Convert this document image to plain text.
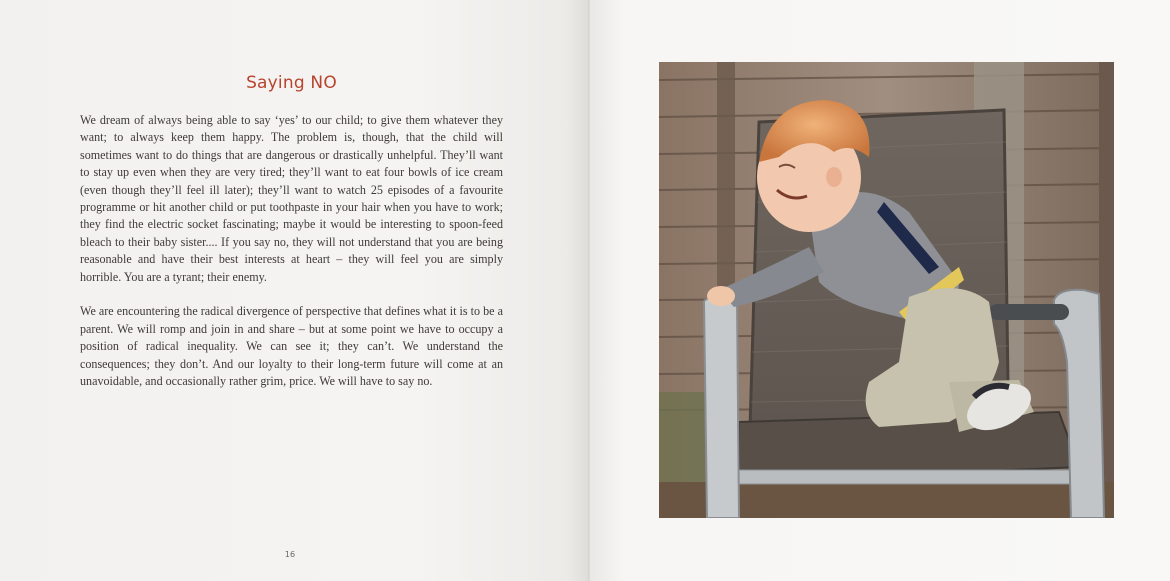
Saying NO

We dream of always being able to say ‘yes’ to our child; to give them whatever they want; to always keep them happy. The problem is, though, that the child will sometimes want to do things that are dangerous or drastically unhelpful. They’ll want to stay up even when they are very tired; they’ll want to eat four bowls of ice cream (even though they’ll feel ill later); they’ll want to watch 25 episodes of a favourite programme or hit another child or put toothpaste in your hair when you have to work; they find the electric socket fascinating; maybe it would be interesting to spoon-feed bleach to their baby sister.... If you say no, they will not understand that you are being reasonable and have their best interests at heart – they will feel you are simply horrible. You are a tyrant; their enemy.

We are encountering the radical divergence of perspective that defines what it is to be a parent. We will romp and join in and share – but at some point we have to occupy a position of radical inequality. We can see it; they can’t. We understand the consequences; they don’t. And our loyalty to their long-term future will come at an unavoidable, and occasionally rather grim, price. We will have to say no.

16
